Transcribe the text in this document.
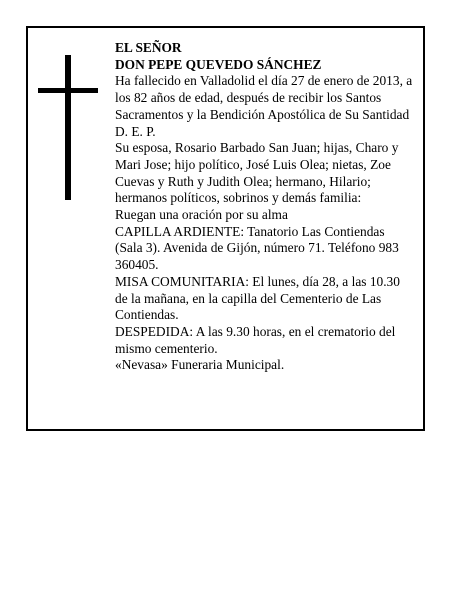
EL SEÑOR
DON PEPE QUEVEDO SÁNCHEZ
Ha fallecido en Valladolid el día 27 de enero de 2013, a
los 82 años de edad, después de recibir los Santos
Sacramentos y la Bendición Apostólica de Su Santidad
D. E. P.
Su esposa, Rosario Barbado San Juan; hijas, Charo y
Mari Jose; hijo político, José Luis Olea; nietas, Zoe
Cuevas y Ruth y Judith Olea; hermano, Hilario;
hermanos políticos, sobrinos y demás familia:
Ruegan una oración por su alma
CAPILLA ARDIENTE: Tanatorio Las Contiendas
(Sala 3). Avenida de Gijón, número 71. Teléfono 983
360405.
MISA COMUNITARIA: El lunes, día 28, a las 10.30
de la mañana, en la capilla del Cementerio de Las
Contiendas.
DESPEDIDA: A las 9.30 horas, en el crematorio del
mismo cementerio.
«Nevasa» Funeraria Municipal.
